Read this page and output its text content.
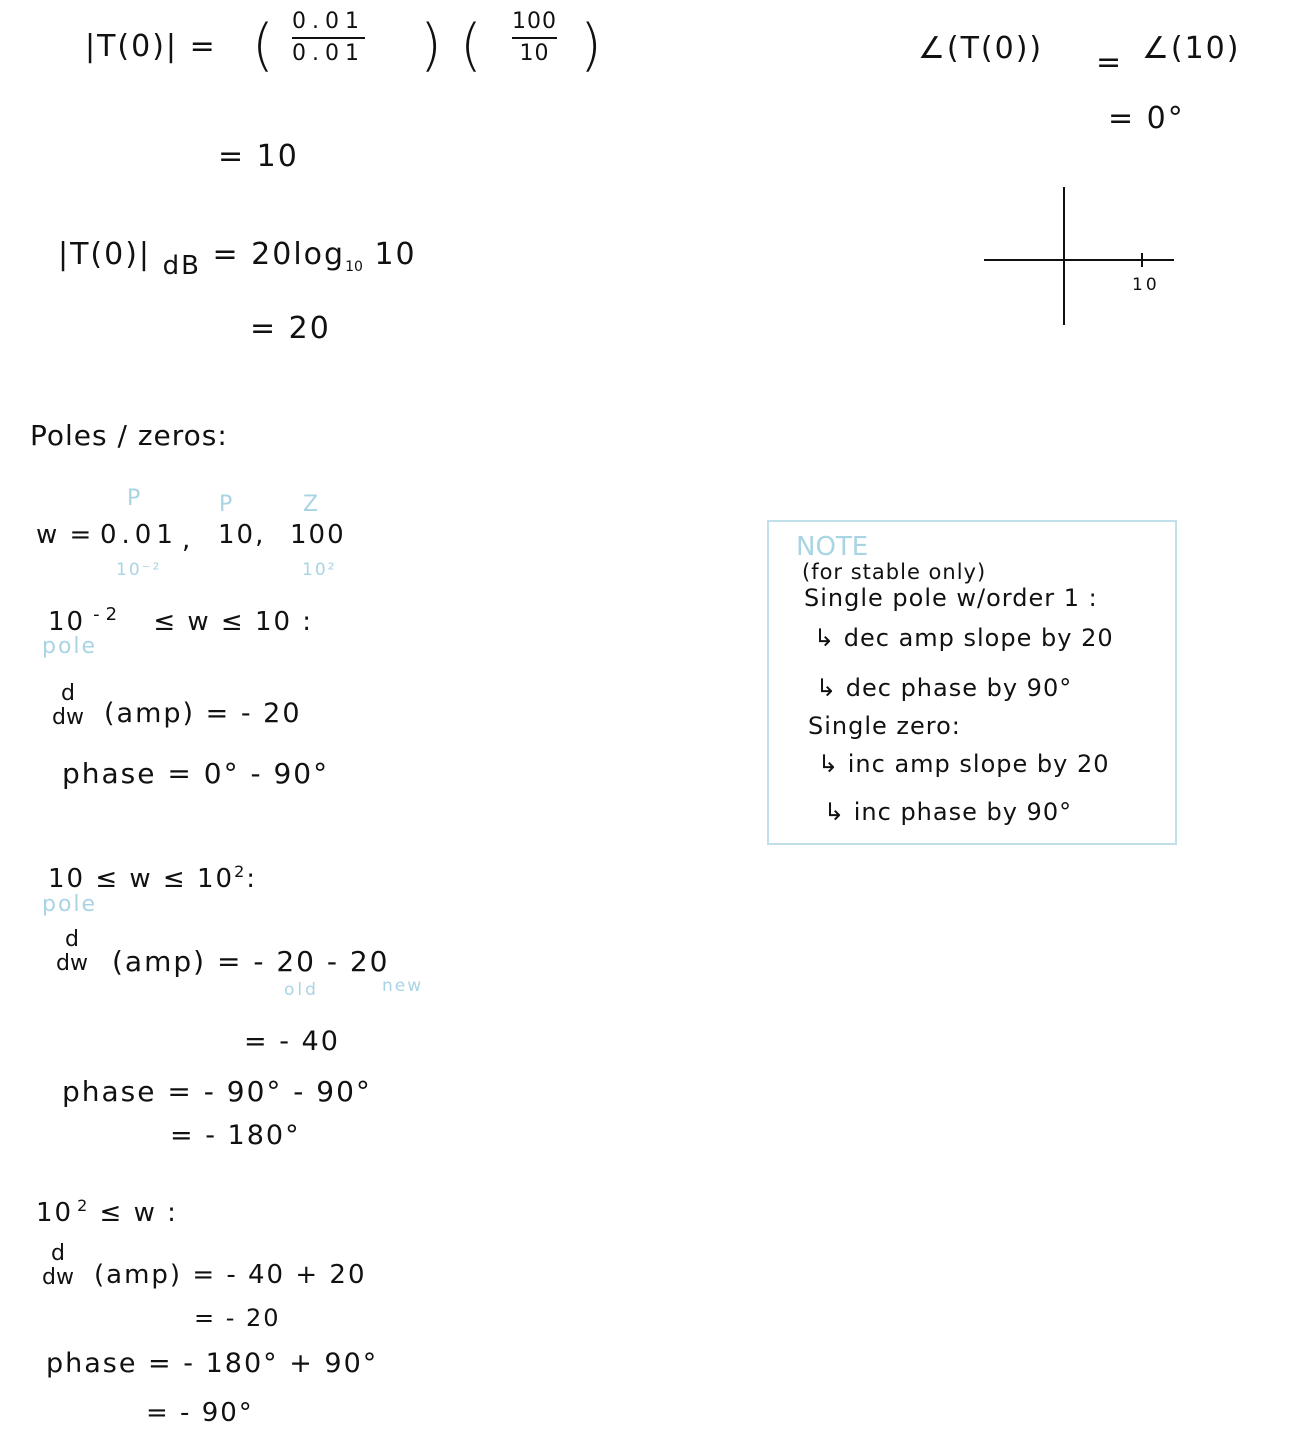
|T(0)| = ( 0.01
0.01 ) ( 100
10 )
= 10
|T(0)| dB = $20\log_{10}$ 10
= 20
∠(T(0)) = ∠(10)
= 0°
10
Poles / zeros:
P	P	Z
w = 0.01 , 10, 100
10⁻²	10²
10 $^{-2}$ ≤ w ≤ 10 :
pole
d
dw (amp) = - 20
phase = 0° - 90°
$10 \le w \le 10^2$:
pole
d
dw (amp) = - 20 - 20
old	new
= - 40
phase = - 90° - 90°
= - 180°
10 $^2$ ≤ w :
d
dw (amp) = - 40 + 20
= - 20
phase = - 180° + 90°
= - 90°
NOTE
(for stable only)
Single pole w/order 1 :
↳ dec amp slope by 20
↳ dec phase by 90°
Single zero:
↳ inc amp slope by 20
↳ inc phase by 90°
